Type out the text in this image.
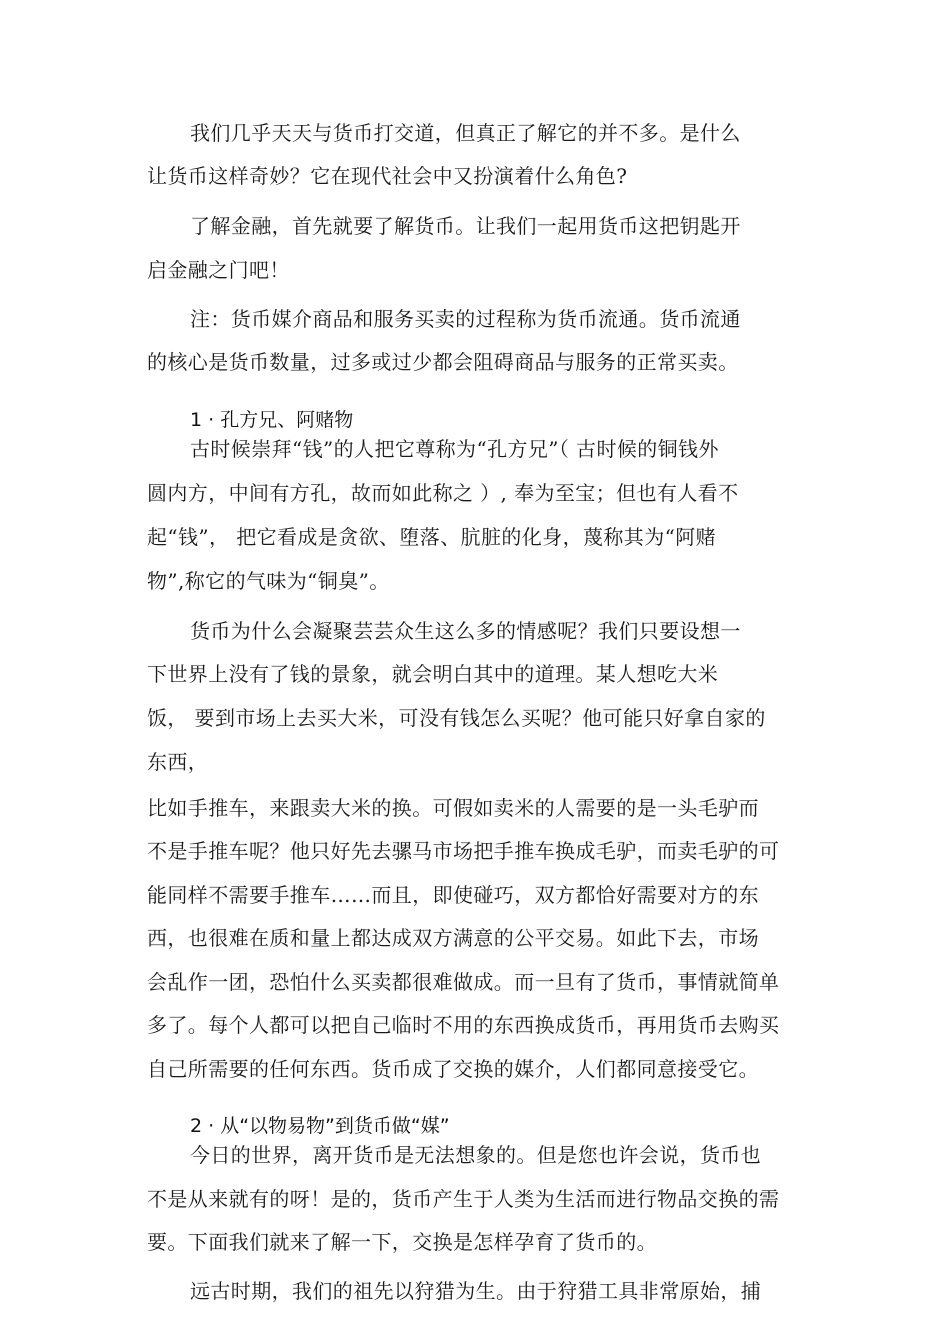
我们几乎天天与货币打交道，但真正了解它的并不多。是什么
让货币这样奇妙？它在现代社会中又扮演着什么角色?
了解金融，首先就要了解货币。让我们一起用货币这把钥匙开
启金融之门吧！
注：货币媒介商品和服务买卖的过程称为货币流通。货币流通
的核心是货币数量，过多或过少都会阻碍商品与服务的正常买卖。
1 · 孔方兄、阿赌物
古时候崇拜“钱”的人把它尊称为“孔方兄”（ 古时候的铜钱外
圆内方，中间有方孔，故而如此称之 ）, 奉为至宝；但也有人看不
起“钱”， 把它看成是贪欲、堕落、肮脏的化身，蔑称其为“阿赌
物”,称它的气味为“铜臭”。
货币为什么会凝聚芸芸众生这么多的情感呢？我们只要设想一
下世界上没有了钱的景象，就会明白其中的道理。某人想吃大米
饭， 要到市场上去买大米，可没有钱怎么买呢？他可能只好拿自家的
东西，
比如手推车，来跟卖大米的换。可假如卖米的人需要的是一头毛驴而
不是手推车呢？他只好先去骡马市场把手推车换成毛驴，而卖毛驴的可
能同样不需要手推车……而且，即使碰巧，双方都恰好需要对方的东
西，也很难在质和量上都达成双方满意的公平交易。如此下去，市场
会乱作一团，恐怕什么买卖都很难做成。而一旦有了货币，事情就简单
多了。每个人都可以把自己临时不用的东西换成货币，再用货币去购买
自己所需要的任何东西。货币成了交换的媒介，人们都同意接受它。
2 · 从“以物易物”到货币做“媒”
今日的世界，离开货币是无法想象的。但是您也许会说，货币也
不是从来就有的呀！是的，货币产生于人类为生活而进行物品交换的需
要。下面我们就来了解一下，交换是怎样孕育了货币的。
远古时期，我们的祖先以狩猎为生。由于狩猎工具非常原始，捕
